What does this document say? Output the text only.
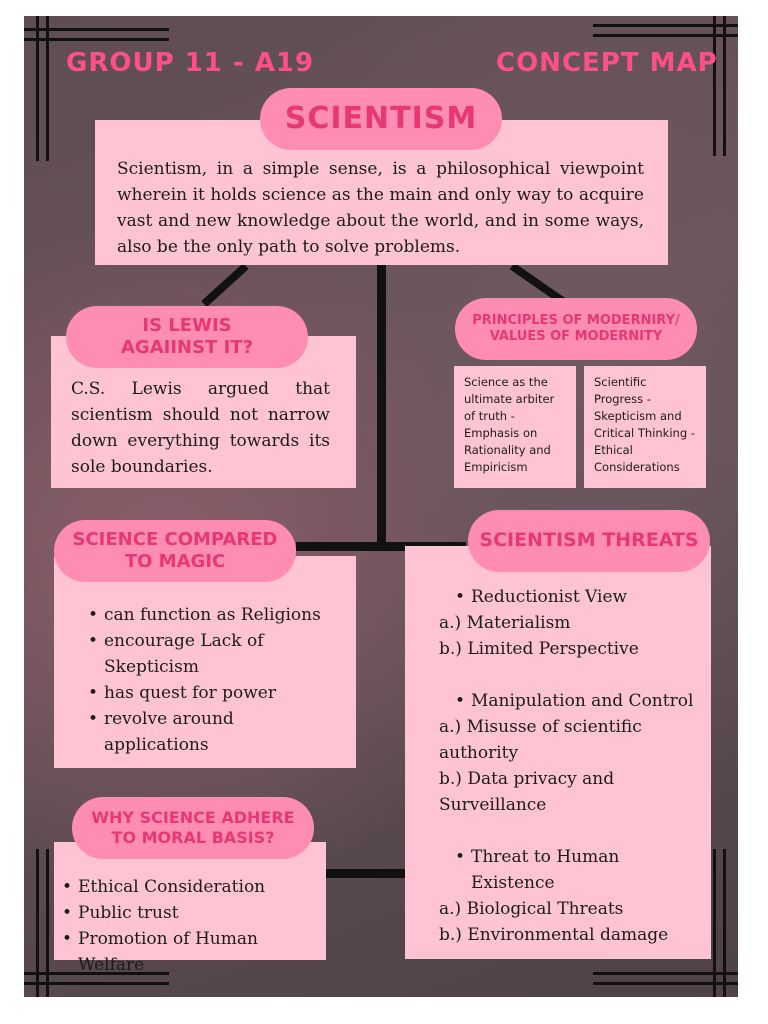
GROUP 11 - A19	CONCEPT MAP
Scientism, in a simple sense, is a philosophical viewpoint wherein it holds science as the main and only way to acquire vast and new knowledge about the world, and in some ways, also be the only path to solve problems.
SCIENTISM
C.S. Lewis argued that scientism should not narrow down everything towards its sole boundaries.
IS LEWIS
AGAIINST IT?
PRINCIPLES OF MODERNIRY/
VALUES OF MODERNITY
Science as the ultimate arbiter of truth - Emphasis on Rationality and Empiricism
Scientific Progress - Skepticism and Critical Thinking - Ethical Considerations
• can function as Religions
• encourage Lack of Skepticism
• has quest for power
• revolve around applications
SCIENCE COMPARED
TO MAGIC
• Reductionist View
a.) Materialism
b.) Limited Perspective
• Manipulation and Control
a.) Misusse of scientific authority
b.) Data privacy and Surveillance
• Threat to Human Existence
a.) Biological Threats
b.) Environmental damage
SCIENTISM THREATS
• Ethical Consideration
• Public trust
• Promotion of Human Welfare
WHY SCIENCE ADHERE
TO MORAL BASIS?
